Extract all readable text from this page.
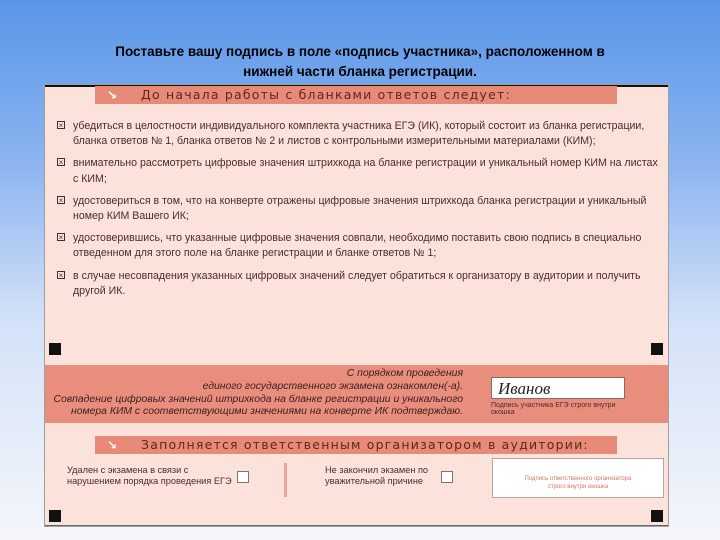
Поставьте вашу подпись в поле «подпись участника», расположенном в
нижней части бланка регистрации.
↘ До начала работы с бланками ответов следует:
× убедиться в целостности индивидуального комплекта участника ЕГЭ (ИК), который состоит из бланка регистрации, бланка ответов № 1, бланка ответов № 2 и листов с контрольными измерительными материалами (КИМ);
× внимательно рассмотреть цифровые значения штрихкода на бланке регистрации и уникальный номер КИМ на листах с КИМ;
× удостовериться в том, что на конверте отражены цифровые значения штрихкода бланка регистрации и уникальный номер КИМ Вашего ИК;
× удостоверившись, что указанные цифровые значения совпали, необходимо поставить свою подпись в специально отведенном для этого поле на бланке регистрации и бланке ответов № 1;
× в случае несовпадения указанных цифровых значений следует обратиться к организатору в аудитории и получить другой ИК.
С порядком проведения
единого государственного экзамена ознакомлен(-а).
Совпадение цифровых значений штрихкода на бланке регистрации и уникального
номера КИМ с соответствующими значениями на конверте ИК подтверждаю.
Иванов
Подпись участника ЕГЭ строго внутри окошка
↘ Заполняется ответственным организатором в аудитории:
Удален с экзамена в связи с
нарушением порядка проведения ЕГЭ
Не закончил экзамен по
уважительной причине	Подпись ответственного организатора
строго внутри окошка
